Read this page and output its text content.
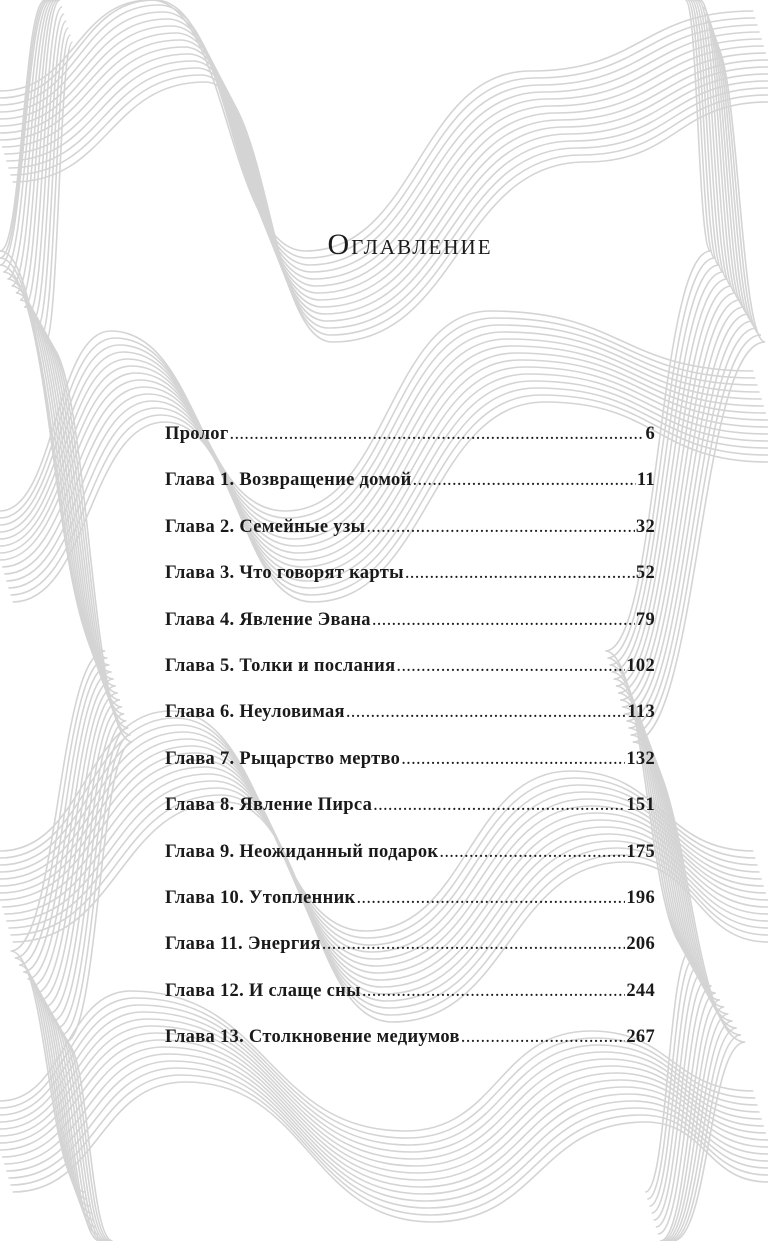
Оглавление
Пролог .....	6
Глава 1. Возвращение домой .....	11
Глава 2. Семейные узы .....	32
Глава 3. Что говорят карты .....	52
Глава 4. Явление Эвана .....	79
Глава 5. Толки и послания .....	102
Глава 6. Неуловимая .....	113
Глава 7. Рыцарство мертво .....	132
Глава 8. Явление Пирса .....	151
Глава 9. Неожиданный подарок .....	175
Глава 10. Утопленник .....	196
Глава 11. Энергия .....	206
Глава 12. И слаще сны .....	244
Глава 13. Столкновение медиумов .....	267
